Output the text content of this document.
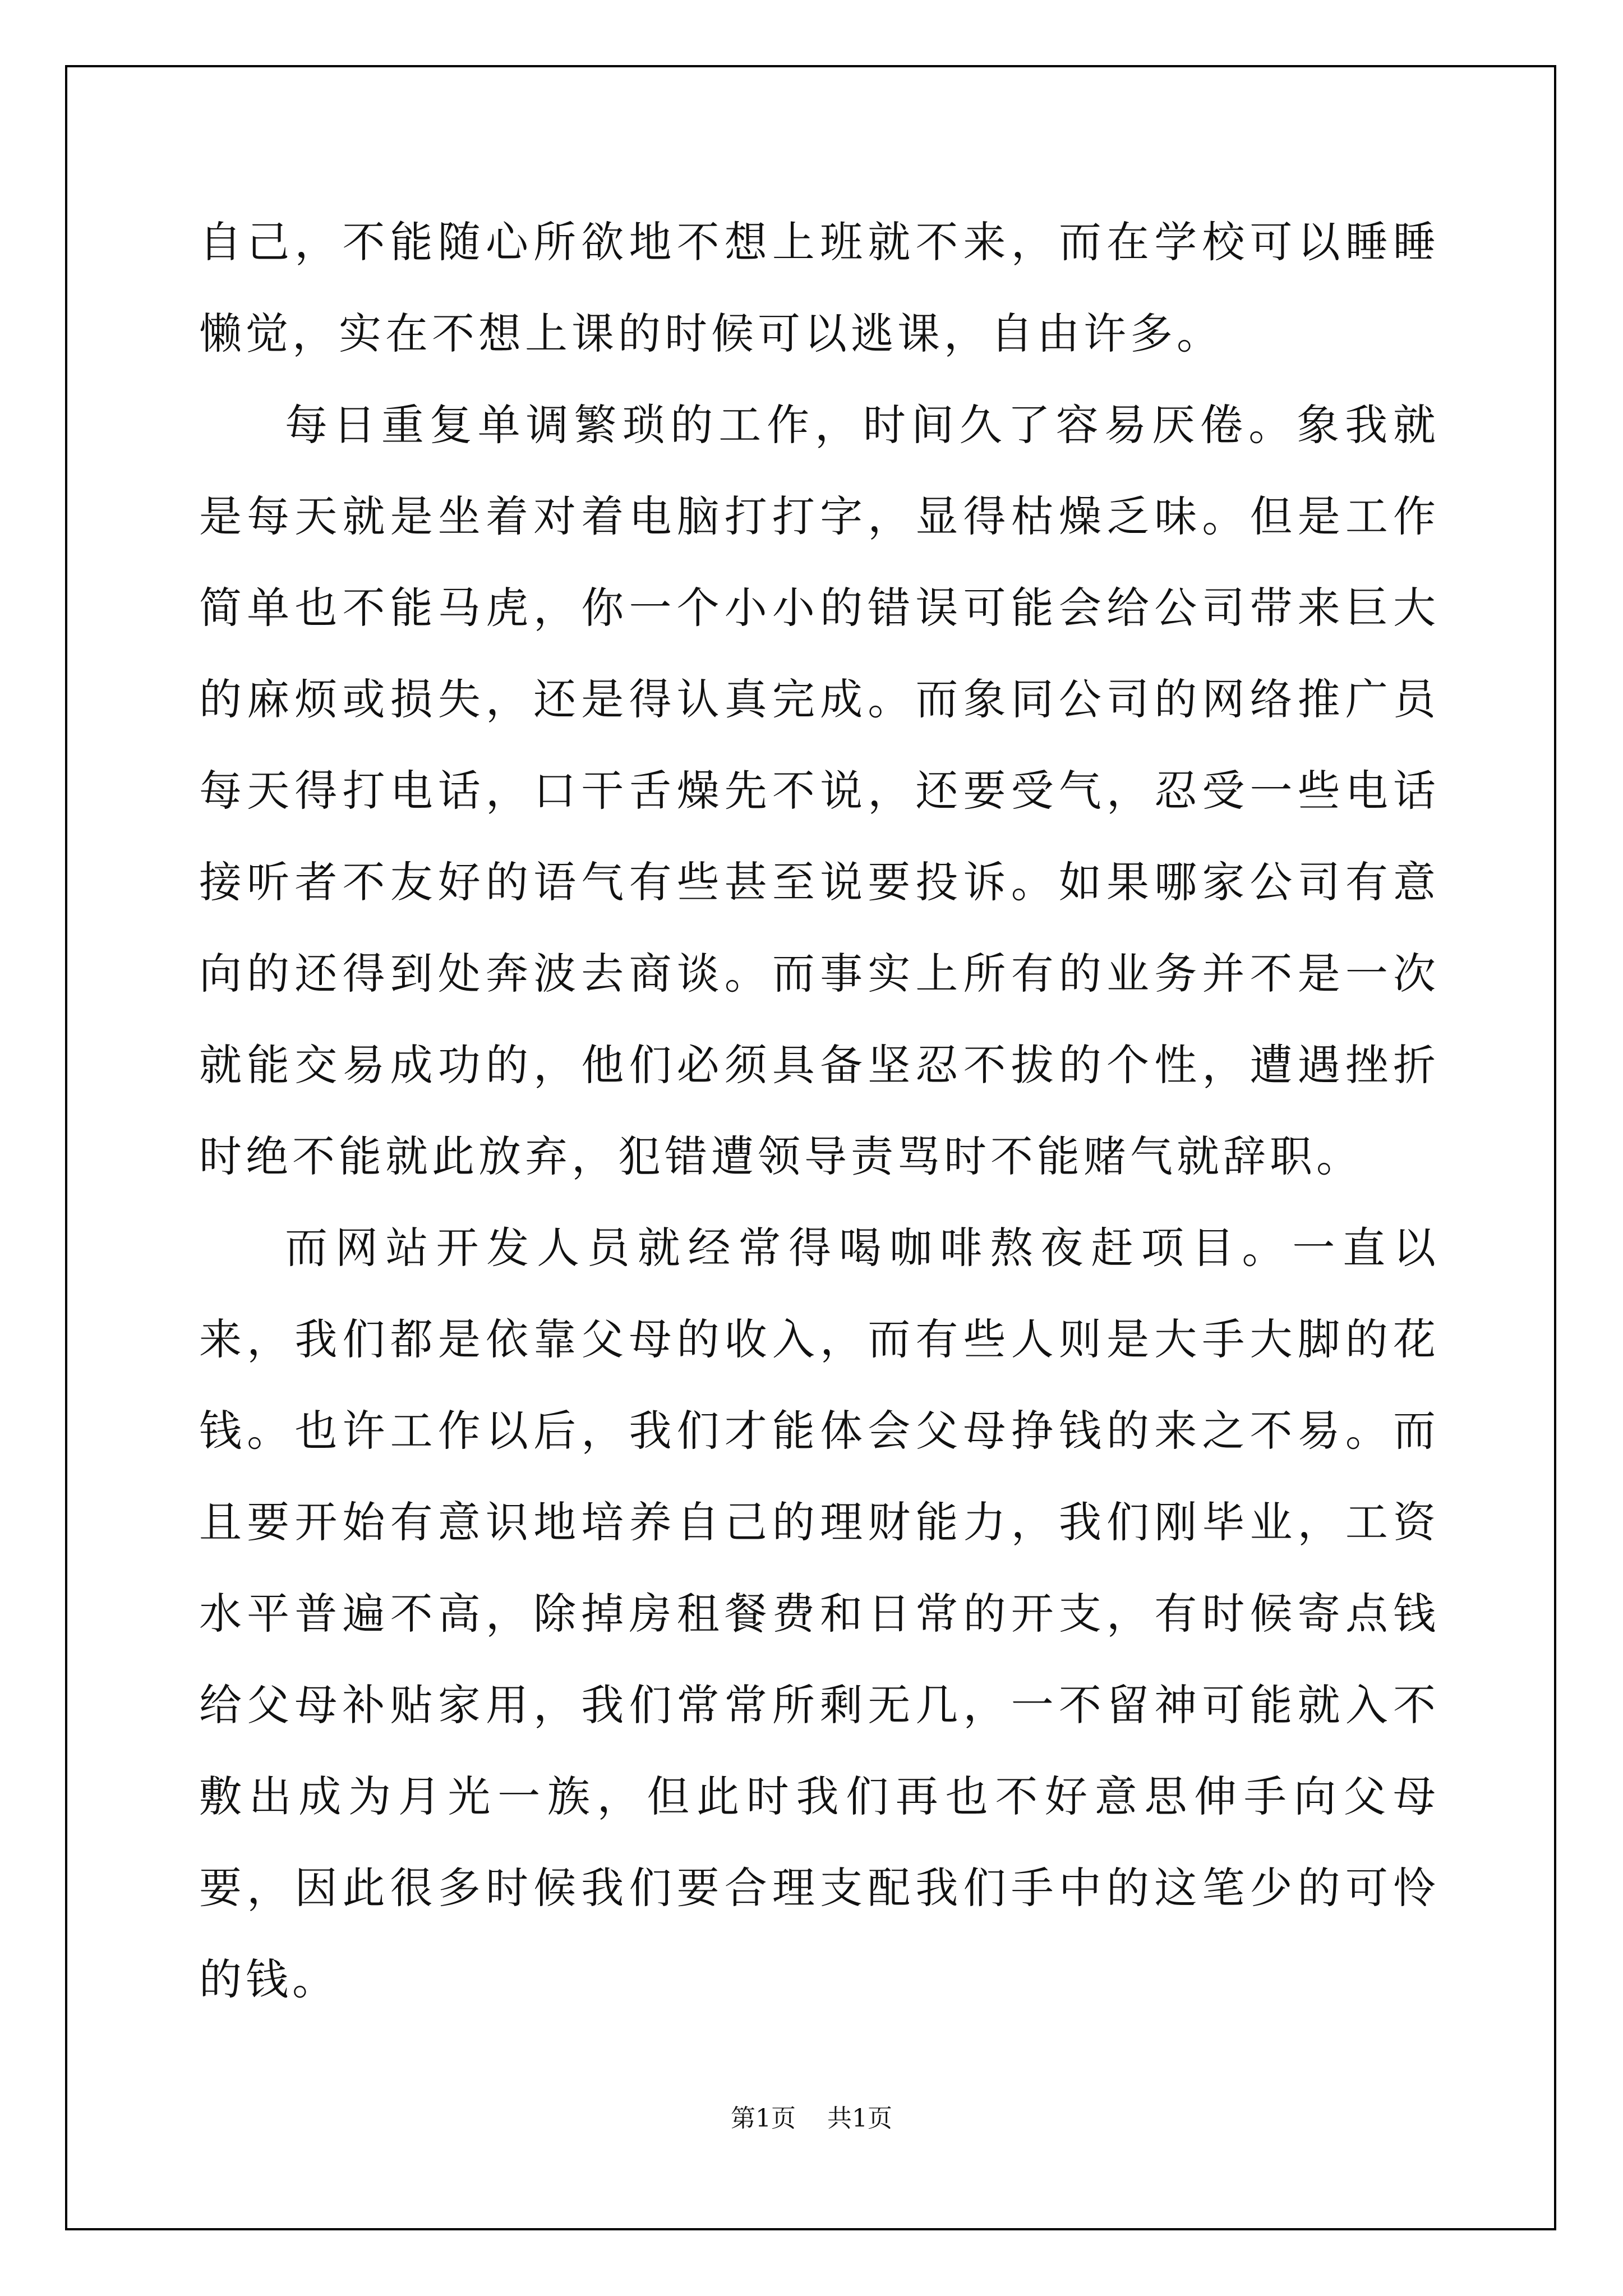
自己，不能随心所欲地不想上班就不来，而在学校可以睡睡懒觉，实在不想上课的时候可以逃课，自由许多。

每日重复单调繁琐的工作，时间久了容易厌倦。象我就是每天就是坐着对着电脑打打字，显得枯燥乏味。但是工作简单也不能马虎，你一个小小的错误可能会给公司带来巨大的麻烦或损失，还是得认真完成。而象同公司的网络推广员每天得打电话，口干舌燥先不说，还要受气，忍受一些电话接听者不友好的语气有些甚至说要投诉。如果哪家公司有意向的还得到处奔波去商谈。而事实上所有的业务并不是一次就能交易成功的，他们必须具备坚忍不拔的个性，遭遇挫折时绝不能就此放弃，犯错遭领导责骂时不能赌气就辞职。

而网站开发人员就经常得喝咖啡熬夜赶项目。一直以来，我们都是依靠父母的收入，而有些人则是大手大脚的花钱。也许工作以后，我们才能体会父母挣钱的来之不易。而且要开始有意识地培养自己的理财能力，我们刚毕业，工资水平普遍不高，除掉房租餐费和日常的开支，有时候寄点钱给父母补贴家用，我们常常所剩无几，一不留神可能就入不敷出成为月光一族，但此时我们再也不好意思伸手向父母要，因此很多时候我们要合理支配我们手中的这笔少的可怜的钱。

第1页    共1页
